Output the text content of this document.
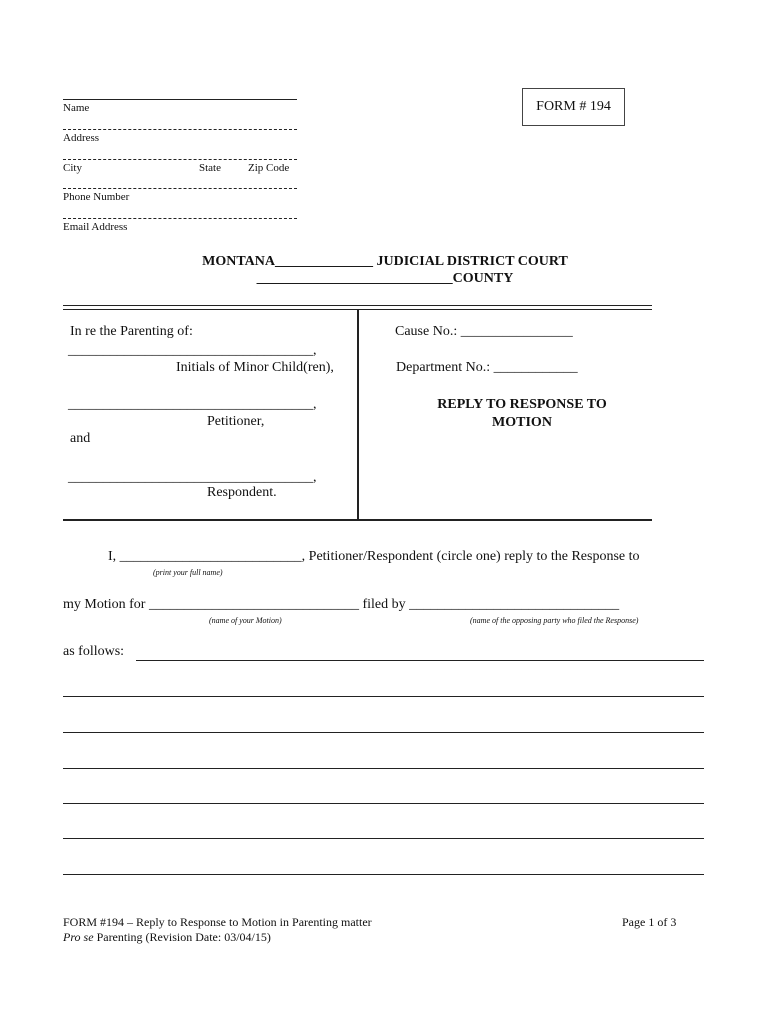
Name
Address
City	State Zip Code
Phone Number
Email Address
FORM # 194
MONTANA______________ JUDICIAL DISTRICT COURT
____________________________COUNTY
In re the Parenting of:
___________________________________,
Initials of Minor Child(ren),
___________________________________,
Petitioner,
and
___________________________________,
Respondent.
Cause No.: ________________
Department No.: ____________
REPLY TO RESPONSE TO
MOTION
I, __________________________, Petitioner/Respondent (circle one) reply to the Response to
(print your full name)
my Motion for ______________________________ filed by ______________________________
(name of your Motion)	(name of the opposing party who filed the Response)
as follows:
FORM #194 – Reply to Response to Motion in Parenting matter
Pro se Parenting (Revision Date: 03/04/15)
Page 1 of 3
